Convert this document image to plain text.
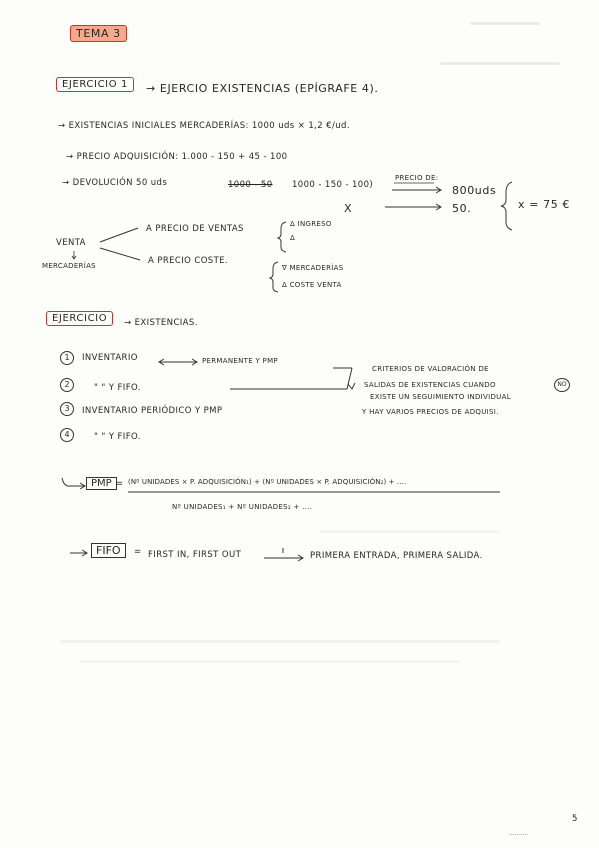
TEMA 3
EJERCICIO 1	→ EJERCIO EXISTENCIAS (EPÍGRAFE 4).
→ EXISTENCIAS INICIALES MERCADERÍAS: 1000 uds × 1,2 €/ud.
→ PRECIO ADQUISICIÓN: 1.000 - 150 + 45 - 100
→ DEVOLUCIÓN 50 uds	1000 - 50 1000 - 150 - 100)
PRECIO DE:
800uds
X	50.	x = 75 €
VENTA
MERCADERÍAS
A PRECIO DE VENTAS	Δ INGRESO
Δ
A PRECIO COSTE.
∇ MERCADERÍAS
Δ COSTE VENTA
EJERCICIO	→ EXISTENCIAS.
1	INVENTARIO	PERMANENTE Y PMP
2	" " Y FIFO.
3	INVENTARIO PERIÓDICO Y PMP
4	" " Y FIFO.
CRITERIOS DE VALORACIÓN DE
SALIDAS DE EXISTENCIAS CUANDO	NO
EXISTE UN SEGUIMIENTO INDIVIDUAL
Y HAY VARIOS PRECIOS DE ADQUISI.
PMP = (Nº UNIDADES × P. ADQUISICIÓN₁) + (Nº UNIDADES × P. ADQUISICIÓN₂) + ....
Nº UNIDADES₁ + Nº UNIDADES₂ + ....
FIFO	= FIRST IN, FIRST OUT	PRIMERA ENTRADA, PRIMERA SALIDA.
5
··········
